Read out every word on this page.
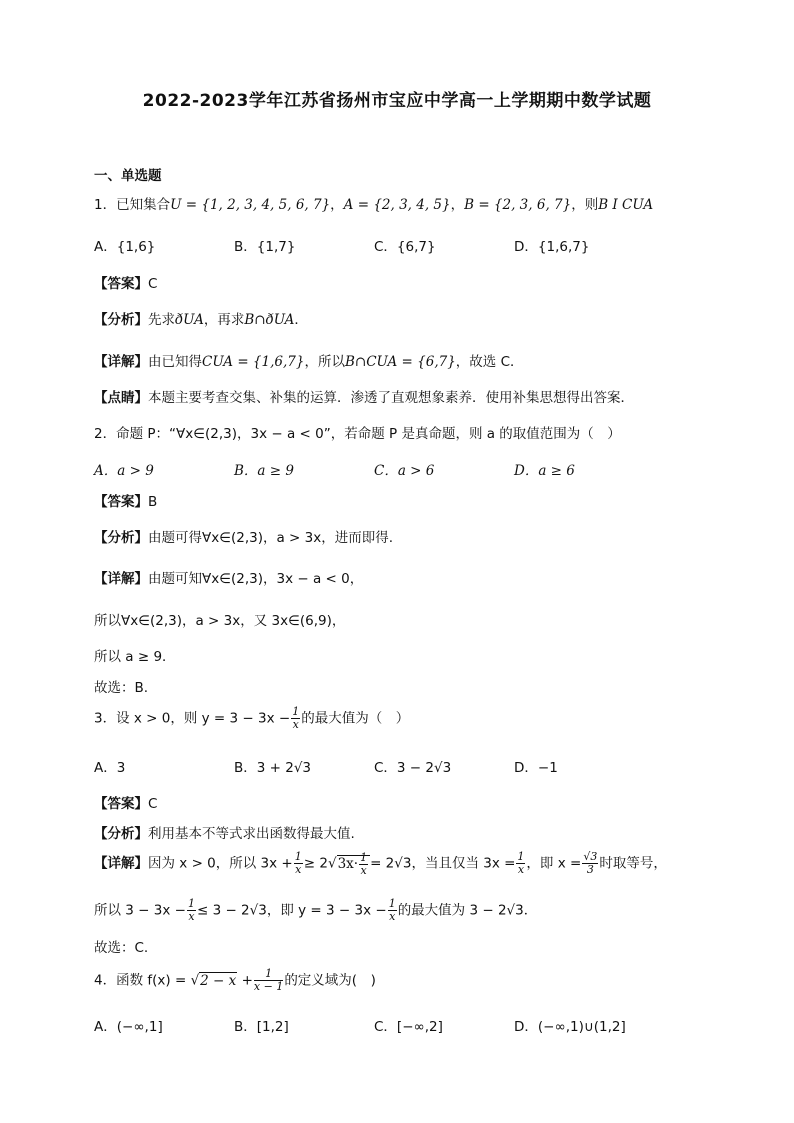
2022-2023学年江苏省扬州市宝应中学高一上学期期中数学试题
一、单选题
1．已知集合U = {1, 2, 3, 4, 5, 6, 7}，A = {2, 3, 4, 5}，B = {2, 3, 6, 7}，则B I CUA
A．{1,6}	B．{1,7}	C．{6,7}	D．{1,6,7}
【答案】C
【分析】先求ðUA，再求B∩ðUA．
【详解】由已知得CUA = {1,6,7}，所以B∩CUA = {6,7}，故选 C．
【点睛】本题主要考查交集、补集的运算．渗透了直观想象素养．使用补集思想得出答案．
2．命题 P：“∀x∈(2,3)，3x − a < 0”，若命题 P 是真命题，则 a 的取值范围为（　）
A．a > 9	B．a ≥ 9	C．a > 6	D．a ≥ 6
【答案】B
【分析】由题可得∀x∈(2,3)，a > 3x，进而即得.
【详解】由题可知∀x∈(2,3)，3x − a < 0，
所以∀x∈(2,3)，a > 3x，又 3x∈(6,9)，
所以 a ≥ 9．
故选：B.
3．设 x > 0，则 $y = 3 - 3x - \frac{1}{x}$ 的最大值为（　）
A．3	B．3 + 2√3	C．3 − 2√3	D．−1
【答案】C
【分析】利用基本不等式求出函数得最大值.
【详解】因为 x > 0，所以 $3x + \frac{1}{x} \ge 2√3x\cdot \frac{1}{x} = 2√3$，当且仅当 $3x = \frac{1}{x}$ ，即 $x = \frac{√3}{3}$ 时取等号，
所以 $3 - 3x - \frac{1}{x} \le 3 - 2√3$，即 $y = 3 - 3x - \frac{1}{x}$ 的最大值为 3 − 2√3．
故选：C.
4．函数 $f(x) = √2 - x + \frac{1}{x - 1}$ 的定义域为(　)
A．(−∞,1]	B．[1,2]	C．[−∞,2]	D．(−∞,1)∪(1,2]
